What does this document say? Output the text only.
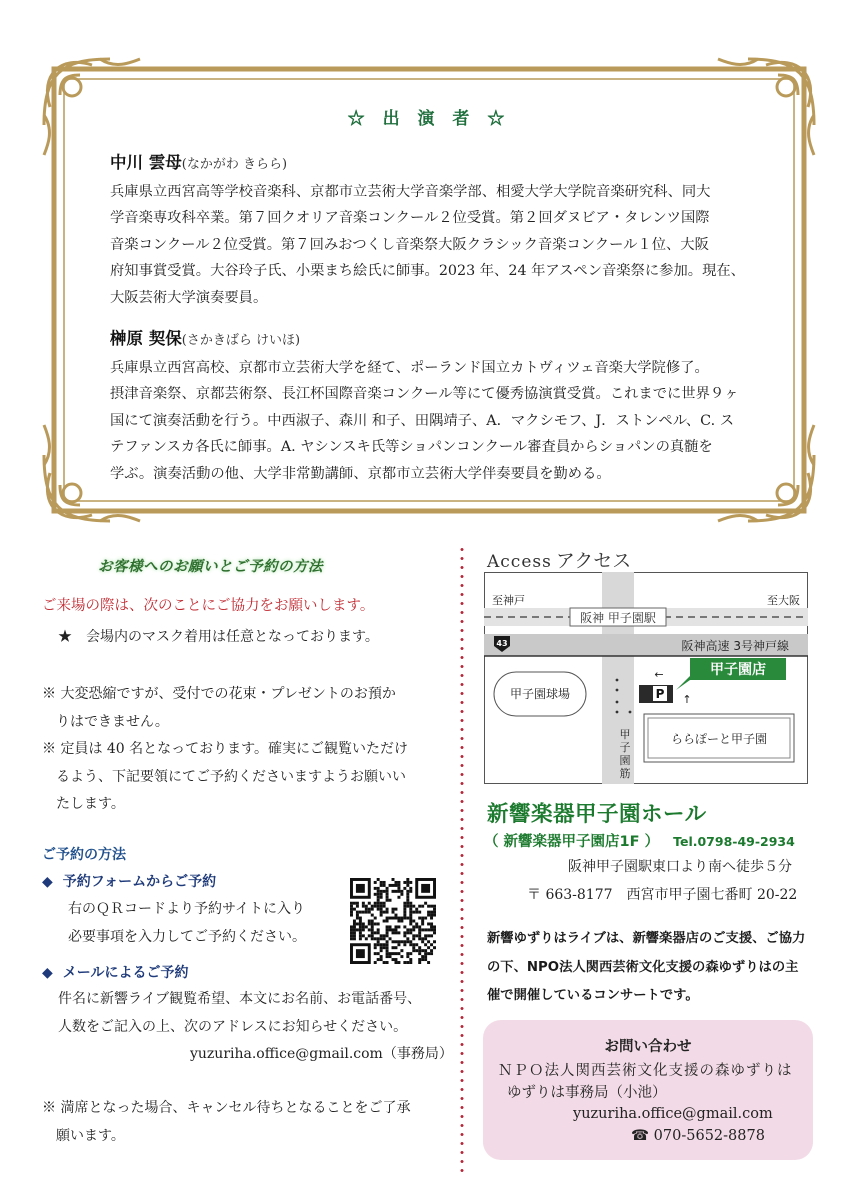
☆ 出 演 者 ☆
中川 雲母(なかがわ きらら)
兵庫県立西宮高等学校音楽科、京都市立芸術大学音楽学部、相愛大学大学院音楽研究科、同大
学音楽専攻科卒業。第７回クオリア音楽コンクール２位受賞。第２回ダヌビア・タレンツ国際
音楽コンクール２位受賞。第７回みおつくし音楽祭大阪クラシック音楽コンクール１位、大阪
府知事賞受賞。大谷玲子氏、小栗まち絵氏に師事。2023 年、24 年アスペン音楽祭に参加。現在、
大阪芸術大学演奏要員。
榊原 契保(さかきばら けいほ)
兵庫県立西宮高校、京都市立芸術大学を経て、ポーランド国立カトヴィツェ音楽大学院修了。
摂津音楽祭、京都芸術祭、長江杯国際音楽コンクール等にて優秀協演賞受賞。これまでに世界９ヶ
国にて演奏活動を行う。中西淑子、森川 和子、田隅靖子、A．マクシモフ、J．ストンペル、C. ス
テファンスカ各氏に師事。A. ヤシンスキ氏等ショパンコンクール審査員からショパンの真髄を
学ぶ。演奏活動の他、大学非常勤講師、京都市立芸術大学伴奏要員を勤める。
お客様へのお願いとご予約の方法
ご来場の際は、次のことにご協力をお願いします。
★　会場内のマスク着用は任意となっております。
※ 大変恐縮ですが、受付での花束・プレゼントのお預か
　りはできません。
※ 定員は 40 名となっております。確実にご観覧いただけ
　るよう、下記要領にてご予約くださいますようお願いい
　たします。
ご予約の方法
◆ 予約フォームからご予約
右のＱＲコードより予約サイトに入り
必要事項を入力してご予約ください。
◆ メールによるご予約
件名に新響ライブ観覧希望、本文にお名前、お電話番号、
人数をご記入の上、次のアドレスにお知らせください。
yuzuriha.office@gmail.com（事務局）
※ 満席となった場合、キャンセル待ちとなることをご了承
　願います。
Access アクセス
阪神 甲子園駅
至神戸	至大阪
43	阪神高速 3号神戸線
甲子園球場
甲子園店
←
P ↑
甲
子
園
筋
ららぽーと甲子園
新響楽器甲子園ホール
（ 新響楽器甲子園店1F ） Tel.0798-49-2934
阪神甲子園駅東口より南へ徒歩５分
〒 663-8177　西宮市甲子園七番町 20-22
新響ゆずりはライブは、新響楽器店のご支援、ご協力
の下、NPO法人関西芸術文化支援の森ゆずりはの主
催で開催しているコンサートです。
お問い合わせ
ＮＰＯ法人関西芸術文化支援の森ゆずりは
ゆずりは事務局（小池）
yuzuriha.office@gmail.com
☎ 070-5652-8878
